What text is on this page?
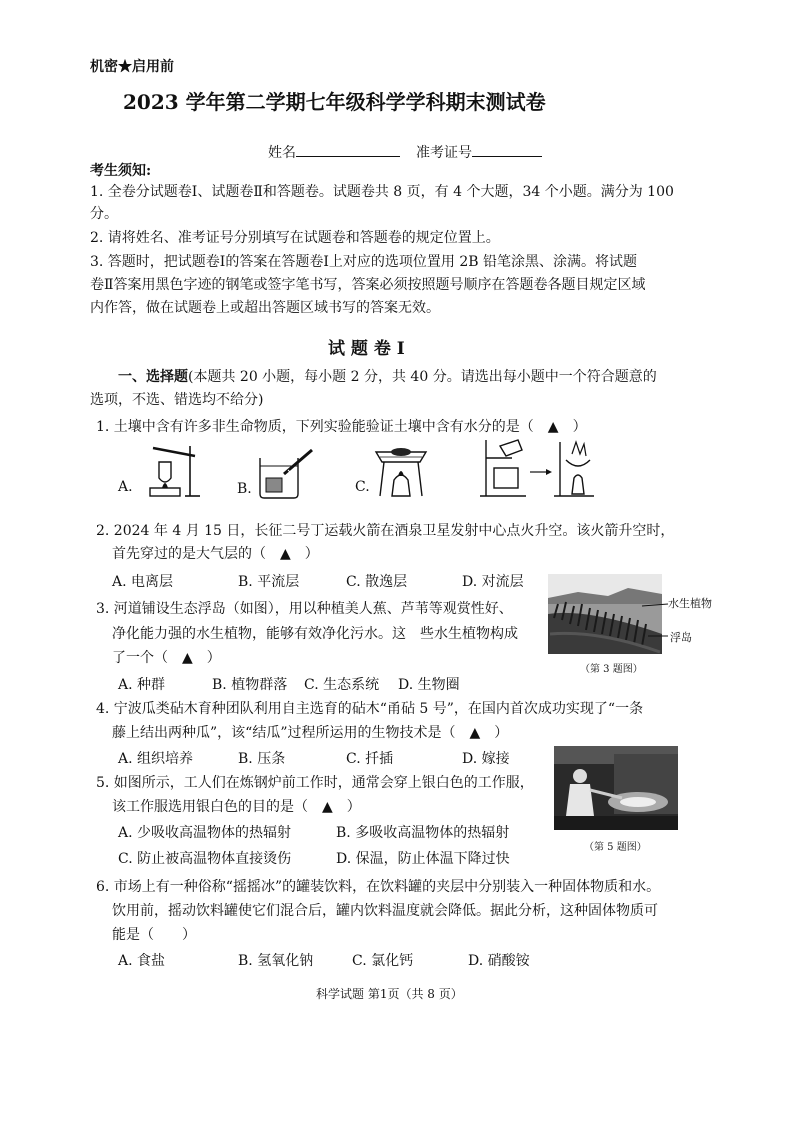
机密★启用前
2023 学年第二学期七年级科学学科期末测试卷
姓名	准考证号
考生须知:
1. 全卷分试题卷Ⅰ、试题卷Ⅱ和答题卷。试题卷共 8 页，有 4 个大题，34 个小题。满分为 100
分。
2. 请将姓名、准考证号分别填写在试题卷和答题卷的规定位置上。
3. 答题时，把试题卷Ⅰ的答案在答题卷Ⅰ上对应的选项位置用 2B 铅笔涂黑、涂满。将试题
卷Ⅱ答案用黑色字迹的钢笔或签字笔书写，答案必须按照题号顺序在答题卷各题目规定区域
内作答，做在试题卷上或超出答题区域书写的答案无效。
试 题 卷 I
一、选择题(本题共 20 小题，每小题 2 分，共 40 分。请选出每小题中一个符合题意的
选项，不选、错选均不给分)
1. 土壤中含有许多非生命物质，下列实验能验证土壤中含有水分的是（　▲　）
A.	B.	C.
2. 2024 年 4 月 15 日，长征二号丁运载火箭在酒泉卫星发射中心点火升空。该火箭升空时，
首先穿过的是大气层的（　▲　）
A. 电离层	B. 平流层	C. 散逸层	D. 对流层
3. 河道铺设生态浮岛（如图），用以种植美人蕉、芦苇等观赏性好、
净化能力强的水生植物，能够有效净化污水。这　些水生植物构成
了一个（　▲　）
A. 种群	B. 植物群落 C. 生态系统 D. 生物圈
水生植物
浮岛
（第 3 题图）
4. 宁波瓜类砧木育种团队利用自主选育的砧木“甬砧 5 号”，在国内首次成功实现了“一条
藤上结出两种瓜”，该“结瓜”过程所运用的生物技术是（　▲　）
A. 组织培养	B. 压条	C. 扦插	D. 嫁接
5. 如图所示，工人们在炼钢炉前工作时，通常会穿上银白色的工作服，
该工作服选用银白色的目的是（　▲　）
A. 少吸收高温物体的热辐射	B. 多吸收高温物体的热辐射
C. 防止被高温物体直接烫伤	D. 保温，防止体温下降过快
（第 5 题图）
6. 市场上有一种俗称“摇摇冰”的罐装饮料，在饮料罐的夹层中分别装入一种固体物质和水。
饮用前，摇动饮料罐使它们混合后，罐内饮料温度就会降低。据此分析，这种固体物质可
能是（　　）
A. 食盐	B. 氢氧化钠	C. 氯化钙	D. 硝酸铵
科学试题 第1页（共 8 页）
